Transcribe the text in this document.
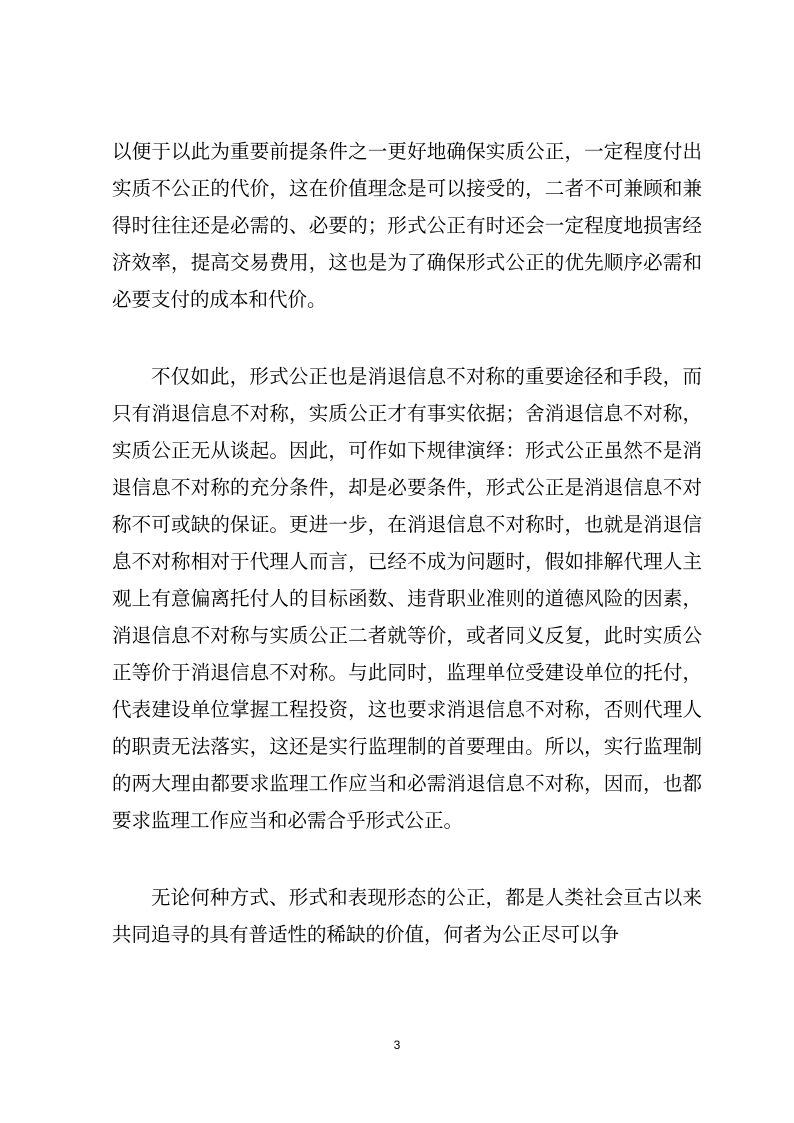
以便于以此为重要前提条件之一更好地确保实质公正，一定程度付出实质不公正的代价，这在价值理念是可以接受的，二者不可兼顾和兼得时往往还是必需的、必要的；形式公正有时还会一定程度地损害经济效率，提高交易费用，这也是为了确保形式公正的优先顺序必需和必要支付的成本和代价。

不仅如此，形式公正也是消退信息不对称的重要途径和手段，而只有消退信息不对称，实质公正才有事实依据；舍消退信息不对称，实质公正无从谈起。因此，可作如下规律演绎：形式公正虽然不是消退信息不对称的充分条件，却是必要条件，形式公正是消退信息不对称不可或缺的保证。更进一步，在消退信息不对称时，也就是消退信息不对称相对于代理人而言，已经不成为问题时，假如排解代理人主观上有意偏离托付人的目标函数、违背职业准则的道德风险的因素，消退信息不对称与实质公正二者就等价，或者同义反复，此时实质公正等价于消退信息不对称。与此同时，监理单位受建设单位的托付，代表建设单位掌握工程投资，这也要求消退信息不对称，否则代理人的职责无法落实，这还是实行监理制的首要理由。所以，实行监理制的两大理由都要求监理工作应当和必需消退信息不对称，因而，也都要求监理工作应当和必需合乎形式公正。

无论何种方式、形式和表现形态的公正，都是人类社会亘古以来共同追寻的具有普适性的稀缺的价值，何者为公正尽可以争

3
